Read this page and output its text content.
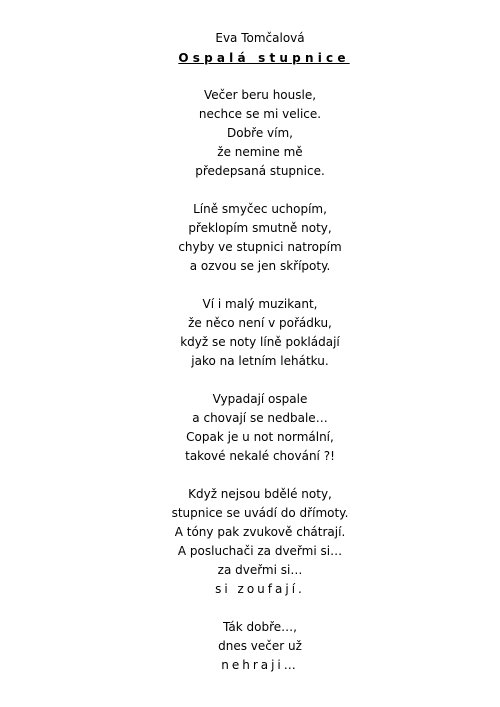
Eva Tomčalová
Ospalá stupnice
Večer beru housle,
nechce se mi velice.
Dobře vím,
že nemine mě
předepsaná stupnice.
Líně smyčec uchopím,
překlopím smutně noty,
chyby ve stupnici natropím
a ozvou se jen skřípoty.
Ví i malý muzikant,
že něco není v pořádku,
když se noty líně pokládají
jako na letním lehátku.
Vypadají ospale
a chovají se nedbale…
Copak je u not normální,
takové nekalé chování ?!
Když nejsou bdělé noty,
stupnice se uvádí do dřímoty.
A tóny pak zvukově chátrají.
A posluchači za dveřmi si…
za dveřmi si…
si zoufají.
Ták dobře…,
dnes večer už
nehraji…
